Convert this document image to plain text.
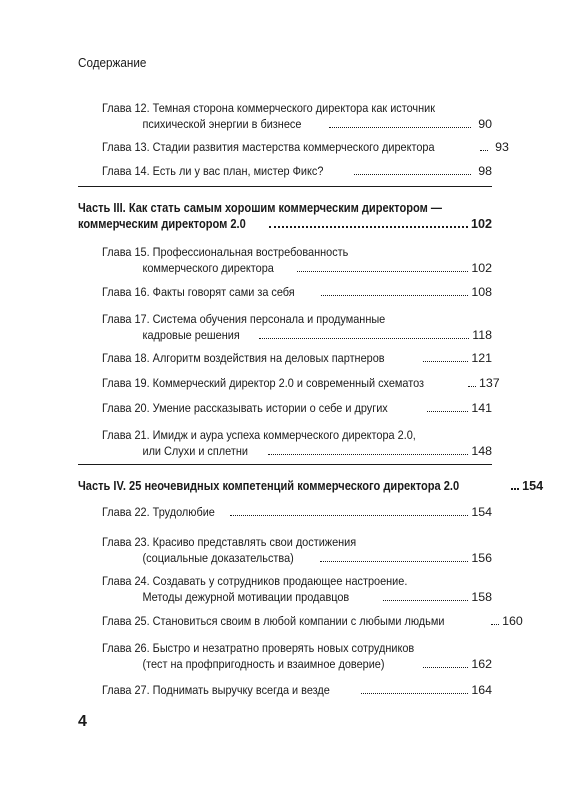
Содержание
Глава 12. Темная сторона коммерческого директора как источник
психической энергии в бизнесе	90
Глава 13. Стадии развития мастерства коммерческого директора	93
Глава 14. Есть ли у вас план, мистер Фикс?	98
Часть III. Как стать самым хорошим коммерческим директором —
коммерческим директором 2.0	102
Глава 15. Профессиональная востребованность
коммерческого директора	102
Глава 16. Факты говорят сами за себя	108
Глава 17. Система обучения персонала и продуманные
кадровые решения	118
Глава 18. Алгоритм воздействия на деловых партнеров	121
Глава 19. Коммерческий директор 2.0 и современный схематоз	137
Глава 20. Умение рассказывать истории о себе и других	141
Глава 21. Имидж и аура успеха коммерческого директора 2.0,
или Слухи и сплетни	148
Часть IV. 25 неочевидных компетенций коммерческого директора 2.0	154
Глава 22. Трудолюбие	154
Глава 23. Красиво представлять свои достижения
(социальные доказательства)	156
Глава 24. Создавать у сотрудников продающее настроение.
Методы дежурной мотивации продавцов	158
Глава 25. Становиться своим в любой компании с любыми людьми	160
Глава 26. Быстро и незатратно проверять новых сотрудников
(тест на профпригодность и взаимное доверие)	162
Глава 27. Поднимать выручку всегда и везде	164
4
